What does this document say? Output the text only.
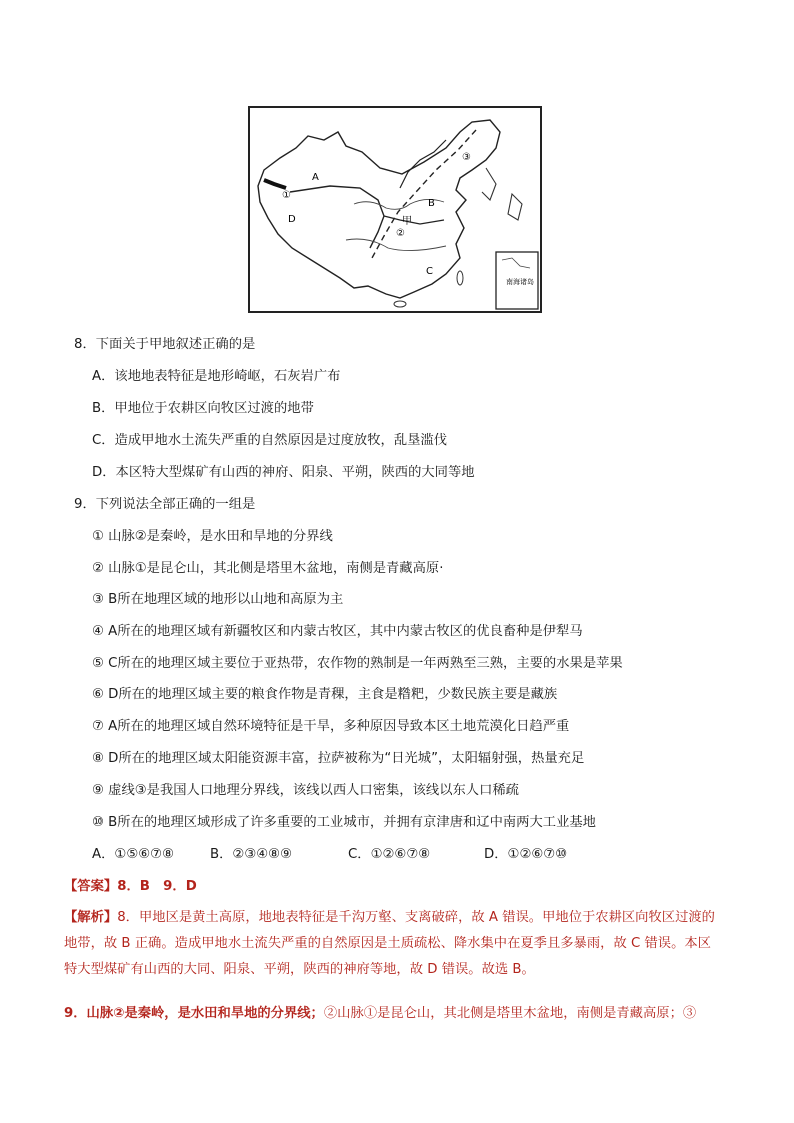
南海诸岛
A
B
C
D	甲
①
②
③
8．下面关于甲地叙述正确的是
A．该地地表特征是地形崎岖，石灰岩广布
B．甲地位于农耕区向牧区过渡的地带
C．造成甲地水土流失严重的自然原因是过度放牧，乱垦滥伐
D．本区特大型煤矿有山西的神府、阳泉、平朔，陕西的大同等地
9．下列说法全部正确的一组是
① 山脉②是秦岭，是水田和旱地的分界线
② 山脉①是昆仑山，其北侧是塔里木盆地，南侧是青藏高原·
③ B所在地理区域的地形以山地和高原为主
④ A所在的地理区域有新疆牧区和内蒙古牧区，其中内蒙古牧区的优良畜种是伊犁马
⑤ C所在的地理区域主要位于亚热带，农作物的熟制是一年两熟至三熟，主要的水果是苹果
⑥ D所在的地理区域主要的粮食作物是青稞，主食是糌粑，少数民族主要是藏族
⑦ A所在的地理区域自然环境特征是干旱，多种原因导致本区土地荒漠化日趋严重
⑧ D所在的地理区域太阳能资源丰富，拉萨被称为“日光城”，太阳辐射强，热量充足
⑨ 虚线③是我国人口地理分界线，该线以西人口密集，该线以东人口稀疏
⑩ B所在的地理区域形成了许多重要的工业城市，并拥有京津唐和辽中南两大工业基地
A．①⑤⑥⑦⑧	B．②③④⑧⑨	C．①②⑥⑦⑧	D．①②⑥⑦⑩
【答案】8．B　9．D
【解析】8．甲地区是黄土高原，地地表特征是千沟万壑、支离破碎，故 A 错误。甲地位于农耕区向牧区过渡的地带，故 B 正确。造成甲地水土流失严重的自然原因是土质疏松、降水集中在夏季且多暴雨，故 C 错误。本区特大型煤矿有山西的大同、阳泉、平朔，陕西的神府等地，故 D 错误。故选 B。
9．山脉②是秦岭，是水田和旱地的分界线；②山脉①是昆仑山，其北侧是塔里木盆地，南侧是青藏高原；③
